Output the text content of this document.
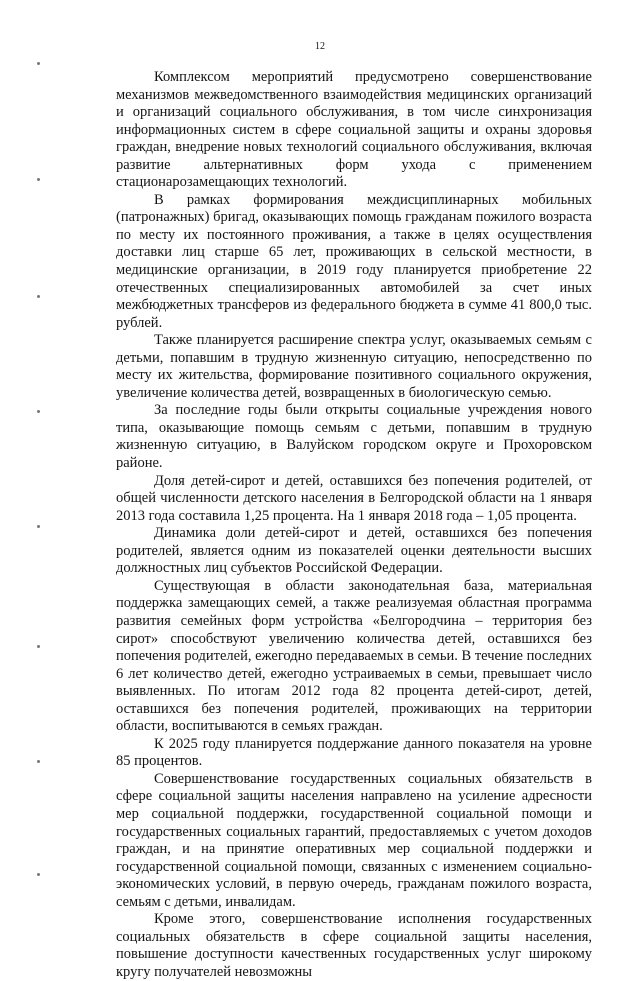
12

Комплексом мероприятий предусмотрено совершенствование механизмов межведомственного взаимодействия медицинских организаций и организаций социального обслуживания, в том числе синхронизация информационных систем в сфере социальной защиты и охраны здоровья граждан, внедрение новых технологий социального обслуживания, включая развитие альтернативных форм ухода с применением стационарозамещающих технологий.

В рамках формирования междисциплинарных мобильных (патронажных) бригад, оказывающих помощь гражданам пожилого возраста по месту их постоянного проживания, а также в целях осуществления доставки лиц старше 65 лет, проживающих в сельской местности, в медицинские организации, в 2019 году планируется приобретение 22 отечественных специализированных автомобилей за счет иных межбюджетных трансферов из федерального бюджета в сумме 41 800,0 тыс. рублей.

Также планируется расширение спектра услуг, оказываемых семьям с детьми, попавшим в трудную жизненную ситуацию, непосредственно по месту их жительства, формирование позитивного социального окружения, увеличение количества детей, возвращенных в биологическую семью.

За последние годы были открыты социальные учреждения нового типа, оказывающие помощь семьям с детьми, попавшим в трудную жизненную ситуацию, в Валуйском городском округе и Прохоровском районе.

Доля детей-сирот и детей, оставшихся без попечения родителей, от общей численности детского населения в Белгородской области на 1 января 2013 года составила 1,25 процента. На 1 января 2018 года – 1,05 процента.

Динамика доли детей-сирот и детей, оставшихся без попечения родителей, является одним из показателей оценки деятельности высших должностных лиц субъектов Российской Федерации.

Существующая в области законодательная база, материальная поддержка замещающих семей, а также реализуемая областная программа развития семейных форм устройства «Белгородчина – территория без сирот» способствуют увеличению количества детей, оставшихся без попечения родителей, ежегодно передаваемых в семьи. В течение последних 6 лет количество детей, ежегодно устраиваемых в семьи, превышает число выявленных. По итогам 2012 года 82 процента детей-сирот, детей, оставшихся без попечения родителей, проживающих на территории области, воспитываются в семьях граждан.

К 2025 году планируется поддержание данного показателя на уровне 85 процентов.

Совершенствование государственных социальных обязательств в сфере социальной защиты населения направлено на усиление адресности мер социальной поддержки, государственной социальной помощи и государственных социальных гарантий, предоставляемых с учетом доходов граждан, и на принятие оперативных мер социальной поддержки и государственной социальной помощи, связанных с изменением социально-экономических условий, в первую очередь, гражданам пожилого возраста, семьям с детьми, инвалидам.

Кроме этого, совершенствование исполнения государственных социальных обязательств в сфере социальной защиты населения, повышение доступности качественных государственных услуг широкому кругу получателей невозможны
